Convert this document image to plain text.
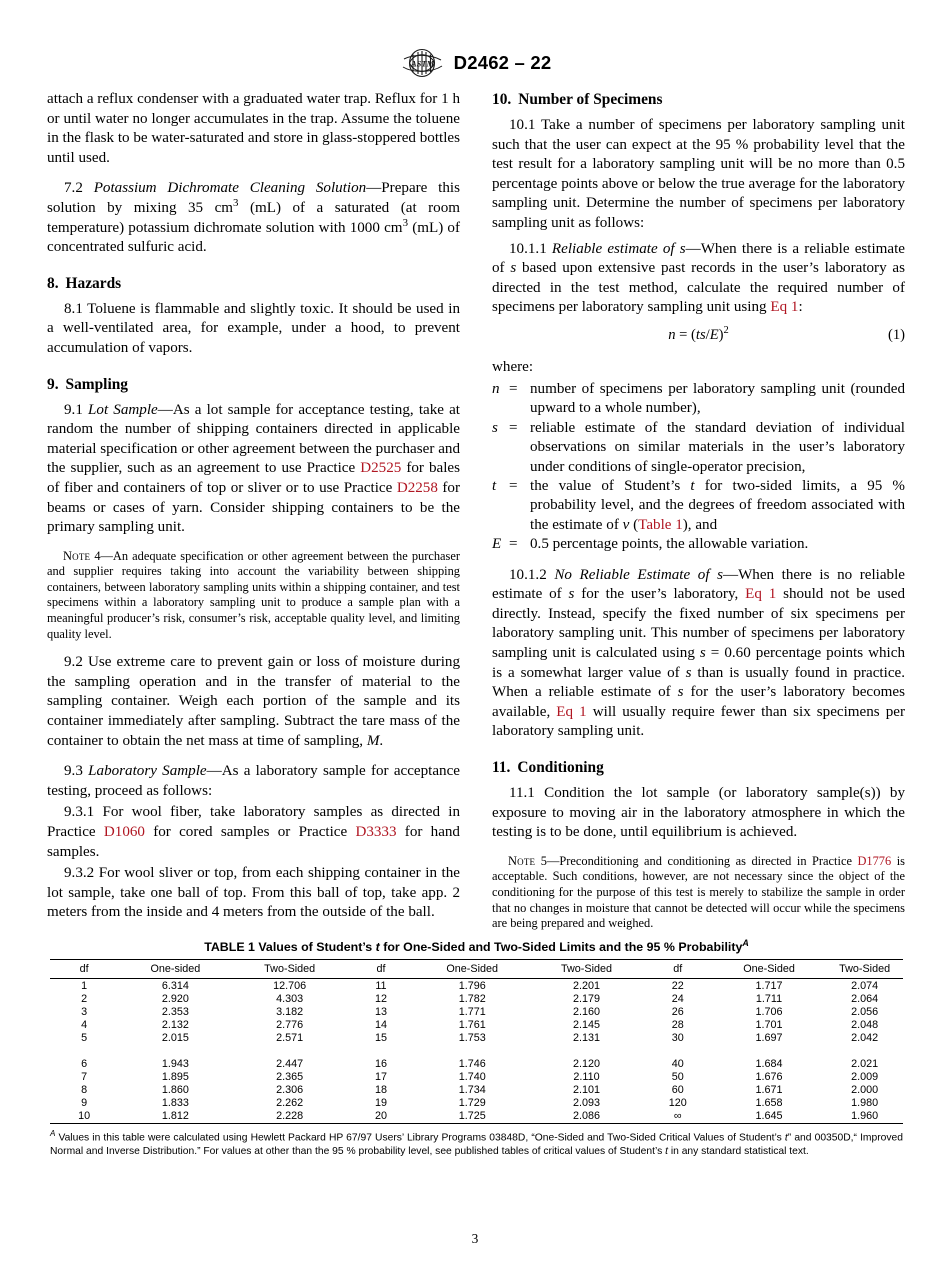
ASTM D2462 – 22

attach a reflux condenser with a graduated water trap. Reflux for 1 h or until water no longer accumulates in the trap. Assume the toluene in the flask to be water-saturated and store in glass-stoppered bottles until used.

7.2 Potassium Dichromate Cleaning Solution—Prepare this solution by mixing 35 $cm^3$ (mL) of a saturated (at room temperature) potassium dichromate solution with 1000 $cm^3$ (mL) of concentrated sulfuric acid.

8. Hazards

8.1 Toluene is flammable and slightly toxic. It should be used in a well-ventilated area, for example, under a hood, to prevent accumulation of vapors.

9. Sampling

9.1 Lot Sample—As a lot sample for acceptance testing, take at random the number of shipping containers directed in applicable material specification or other agreement between the purchaser and the supplier, such as an agreement to use Practice D2525 for bales of fiber and containers of top or sliver or to use Practice D2258 for beams or cases of yarn. Consider shipping containers to be the primary sampling unit.

Note 4—An adequate specification or other agreement between the purchaser and supplier requires taking into account the variability between shipping containers, between laboratory sampling units within a shipping container, and test specimens within a laboratory sampling unit to produce a sample plan with a meaningful producer’s risk, consumer’s risk, acceptable quality level, and limiting quality level.

9.2 Use extreme care to prevent gain or loss of moisture during the sampling operation and in the transfer of material to the sampling container. Weigh each portion of the sample and its container immediately after sampling. Subtract the tare mass of the container to obtain the net mass at time of sampling, M.

9.3 Laboratory Sample—As a laboratory sample for acceptance testing, proceed as follows:

9.3.1 For wool fiber, take laboratory samples as directed in Practice D1060 for cored samples or Practice D3333 for hand samples.

9.3.2 For wool sliver or top, from each shipping container in the lot sample, take one ball of top. From this ball of top, take app. 2 meters from the inside and 4 meters from the outside of the ball.

10. Number of Specimens

10.1 Take a number of specimens per laboratory sampling unit such that the user can expect at the 95 % probability level that the test result for a laboratory sampling unit will be no more than 0.5 percentage points above or below the true average for the laboratory sampling unit. Determine the number of specimens per laboratory sampling unit as follows:

10.1.1 Reliable estimate of s—When there is a reliable estimate of s based upon extensive past records in the user’s laboratory as directed in the test method, calculate the required number of specimens per laboratory sampling unit using Eq 1:

$n = (ts/E)^2$	(1)

where:

n = number of specimens per laboratory sampling unit (rounded upward to a whole number),
s = reliable estimate of the standard deviation of individual observations on similar materials in the user’s laboratory under conditions of single-operator precision,
t = the value of Student’s t for two-sided limits, a 95 % probability level, and the degrees of freedom associated with the estimate of v (Table 1), and
E = 0.5 percentage points, the allowable variation.

10.1.2 No Reliable Estimate of s—When there is no reliable estimate of s for the user’s laboratory, Eq 1 should not be used directly. Instead, specify the fixed number of six specimens per laboratory sampling unit. This number of specimens per laboratory sampling unit is calculated using s = 0.60 percentage points which is a somewhat larger value of s than is usually found in practice. When a reliable estimate of s for the user’s laboratory becomes available, Eq 1 will usually require fewer than six specimens per laboratory sampling unit.

11. Conditioning

11.1 Condition the lot sample (or laboratory sample(s)) by exposure to moving air in the laboratory atmosphere in which the testing is to be done, until equilibrium is achieved.

Note 5—Preconditioning and conditioning as directed in Practice D1776 is acceptable. Such conditions, however, are not necessary since the object of the conditioning for the purpose of this test is merely to stabilize the sample in order that no changes in moisture that cannot be detected will occur while the specimens are being prepared and weighed.

TABLE 1 Values of Student’s t for One-Sided and Two-Sided Limits and the 95 % Probability$^A$
df	One-sided	Two-Sided	df	One-Sided	Two-Sided	df	One-Sided	Two-Sided
1	6.314	12.706	11	1.796	2.201	22	1.717	2.074
2	2.920	4.303	12	1.782	2.179	24	1.711	2.064
3	2.353	3.182	13	1.771	2.160	26	1.706	2.056
4	2.132	2.776	14	1.761	2.145	28	1.701	2.048
5	2.015	2.571	15	1.753	2.131	30	1.697	2.042

6	1.943	2.447	16	1.746	2.120	40	1.684	2.021
7	1.895	2.365	17	1.740	2.110	50	1.676	2.009
8	1.860	2.306	18	1.734	2.101	60	1.671	2.000
9	1.833	2.262	19	1.729	2.093	120	1.658	1.980
10	1.812	2.228	20	1.725	2.086	∞	1.645	1.960
$^A$ Values in this table were calculated using Hewlett Packard HP 67/97 Users’ Library Programs 03848D, “One-Sided and Two-Sided Critical Values of Student’s t” and 00350D,“ Improved Normal and Inverse Distribution.” For values at other than the 95 % probability level, see published tables of critical values of Student’s t in any standard statistical text.
3
